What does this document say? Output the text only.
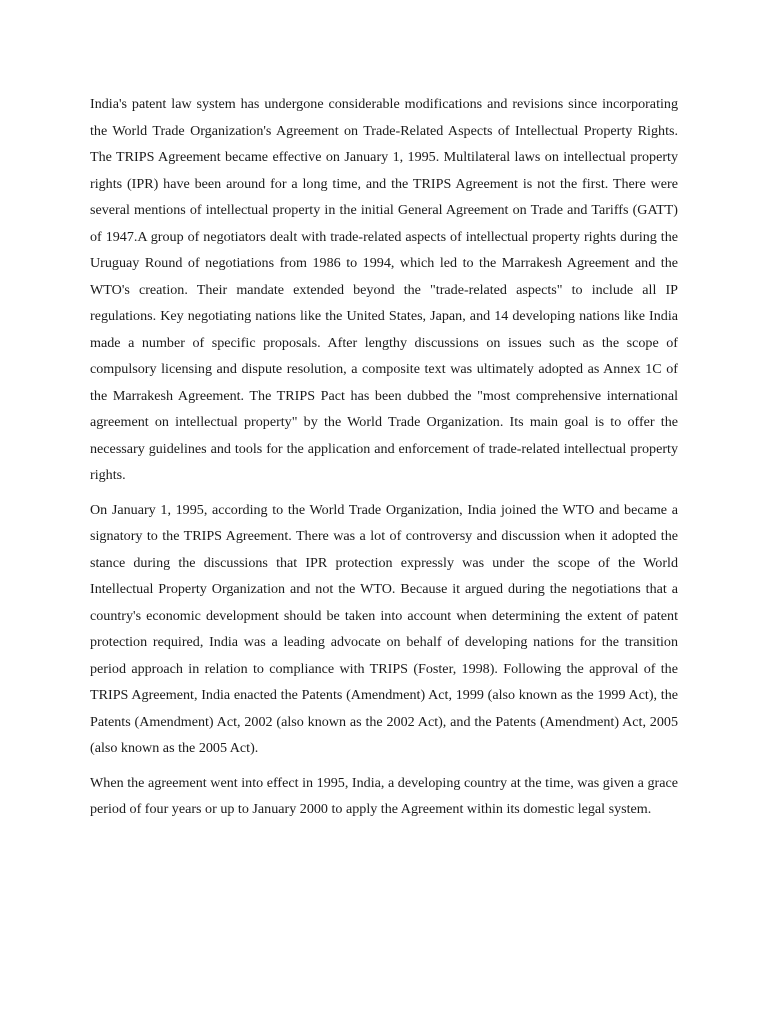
India's patent law system has undergone considerable modifications and revisions since incorporating the World Trade Organization's Agreement on Trade-Related Aspects of Intellectual Property Rights. The TRIPS Agreement became effective on January 1, 1995. Multilateral laws on intellectual property rights (IPR) have been around for a long time, and the TRIPS Agreement is not the first. There were several mentions of intellectual property in the initial General Agreement on Trade and Tariffs (GATT) of 1947.A group of negotiators dealt with trade-related aspects of intellectual property rights during the Uruguay Round of negotiations from 1986 to 1994, which led to the Marrakesh Agreement and the WTO's creation. Their mandate extended beyond the "trade-related aspects" to include all IP regulations. Key negotiating nations like the United States, Japan, and 14 developing nations like India made a number of specific proposals. After lengthy discussions on issues such as the scope of compulsory licensing and dispute resolution, a composite text was ultimately adopted as Annex 1C of the Marrakesh Agreement. The TRIPS Pact has been dubbed the "most comprehensive international agreement on intellectual property" by the World Trade Organization. Its main goal is to offer the necessary guidelines and tools for the application and enforcement of trade-related intellectual property rights.

On January 1, 1995, according to the World Trade Organization, India joined the WTO and became a signatory to the TRIPS Agreement. There was a lot of controversy and discussion when it adopted the stance during the discussions that IPR protection expressly was under the scope of the World Intellectual Property Organization and not the WTO. Because it argued during the negotiations that a country's economic development should be taken into account when determining the extent of patent protection required, India was a leading advocate on behalf of developing nations for the transition period approach in relation to compliance with TRIPS (Foster, 1998). Following the approval of the TRIPS Agreement, India enacted the Patents (Amendment) Act, 1999 (also known as the 1999 Act), the Patents (Amendment) Act, 2002 (also known as the 2002 Act), and the Patents (Amendment) Act, 2005 (also known as the 2005 Act).

When the agreement went into effect in 1995, India, a developing country at the time, was given a grace period of four years or up to January 2000 to apply the Agreement within its domestic legal system.
